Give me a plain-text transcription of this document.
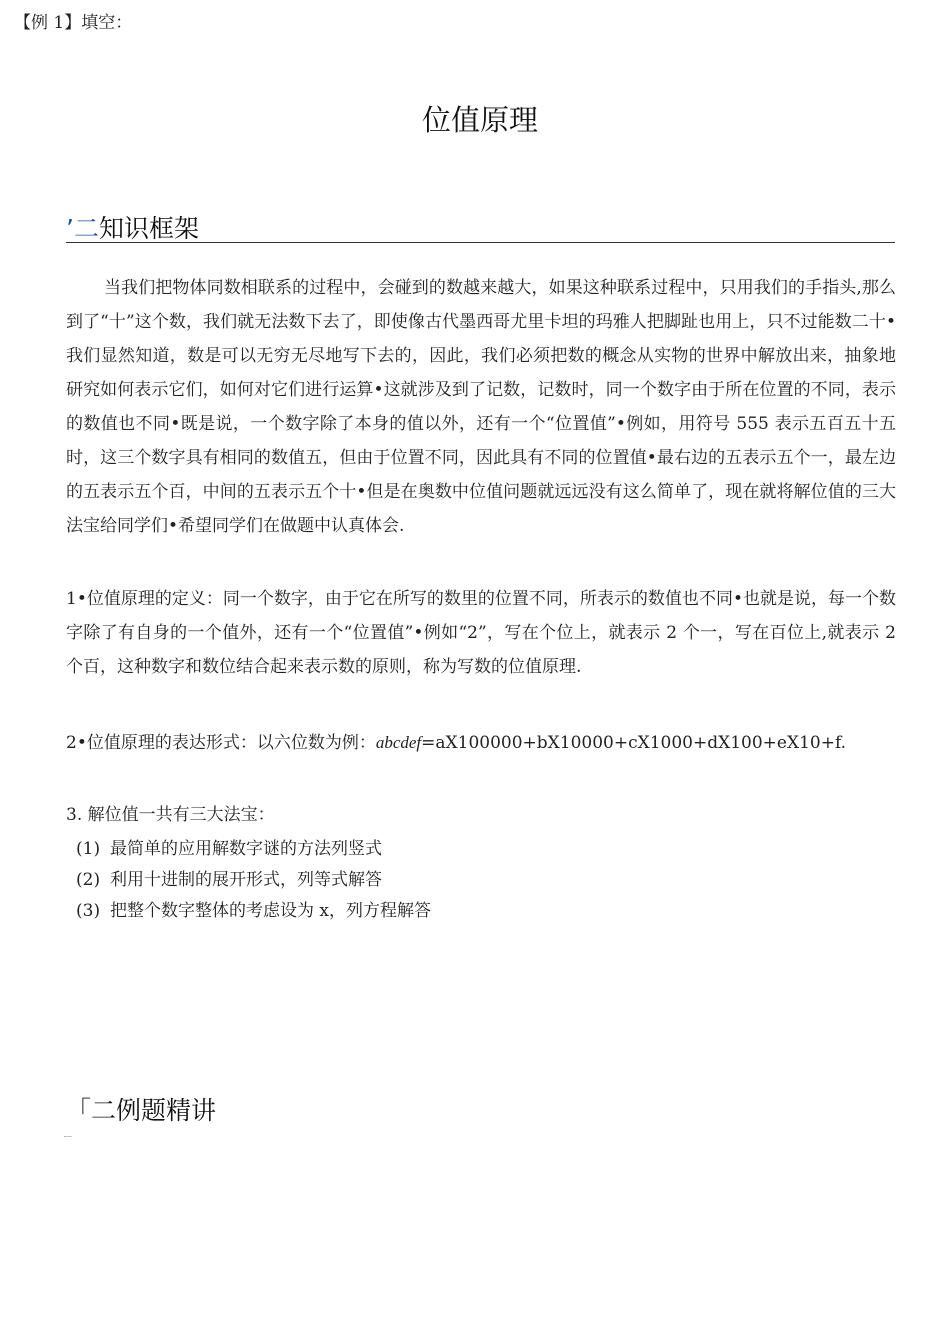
【例 1】填空：
位值原理
’二知识框架
当我们把物体同数相联系的过程中，会碰到的数越来越大，如果这种联系过程中，只用我们的手指头,那么到了“十”这个数，我们就无法数下去了，即使像古代墨西哥尤里卡坦的玛雅人把脚趾也用上，只不过能数二十•我们显然知道，数是可以无穷无尽地写下去的，因此，我们必须把数的概念从实物的世界中解放出来，抽象地研究如何表示它们，如何对它们进行运算•这就涉及到了记数，记数时，同一个数字由于所在位置的不同，表示的数值也不同•既是说，一个数字除了本身的值以外，还有一个“位置值”•例如，用符号 555 表示五百五十五时，这三个数字具有相同的数值五，但由于位置不同，因此具有不同的位置值•最右边的五表示五个一，最左边的五表示五个百，中间的五表示五个十•但是在奥数中位值问题就远远没有这么简单了，现在就将解位值的三大法宝给同学们•希望同学们在做题中认真体会.
1•位值原理的定义：同一个数字，由于它在所写的数里的位置不同，所表示的数值也不同•也就是说，每一个数字除了有自身的一个值外，还有一个“位置值”•例如“2”，写在个位上，就表示 2 个一，写在百位上,就表示 2 个百，这种数字和数位结合起来表示数的原则，称为写数的位值原理.
2•位值原理的表达形式：以六位数为例：abcdef=aX100000+bX10000+cX1000+dX100+eX10+f.
3. 解位值一共有三大法宝：
(1) 最简单的应用解数字谜的方法列竖式
(2) 利用十进制的展开形式，列等式解答
(3) 把整个数字整体的考虑设为 x，列方程解答
「二例题精讲
……
